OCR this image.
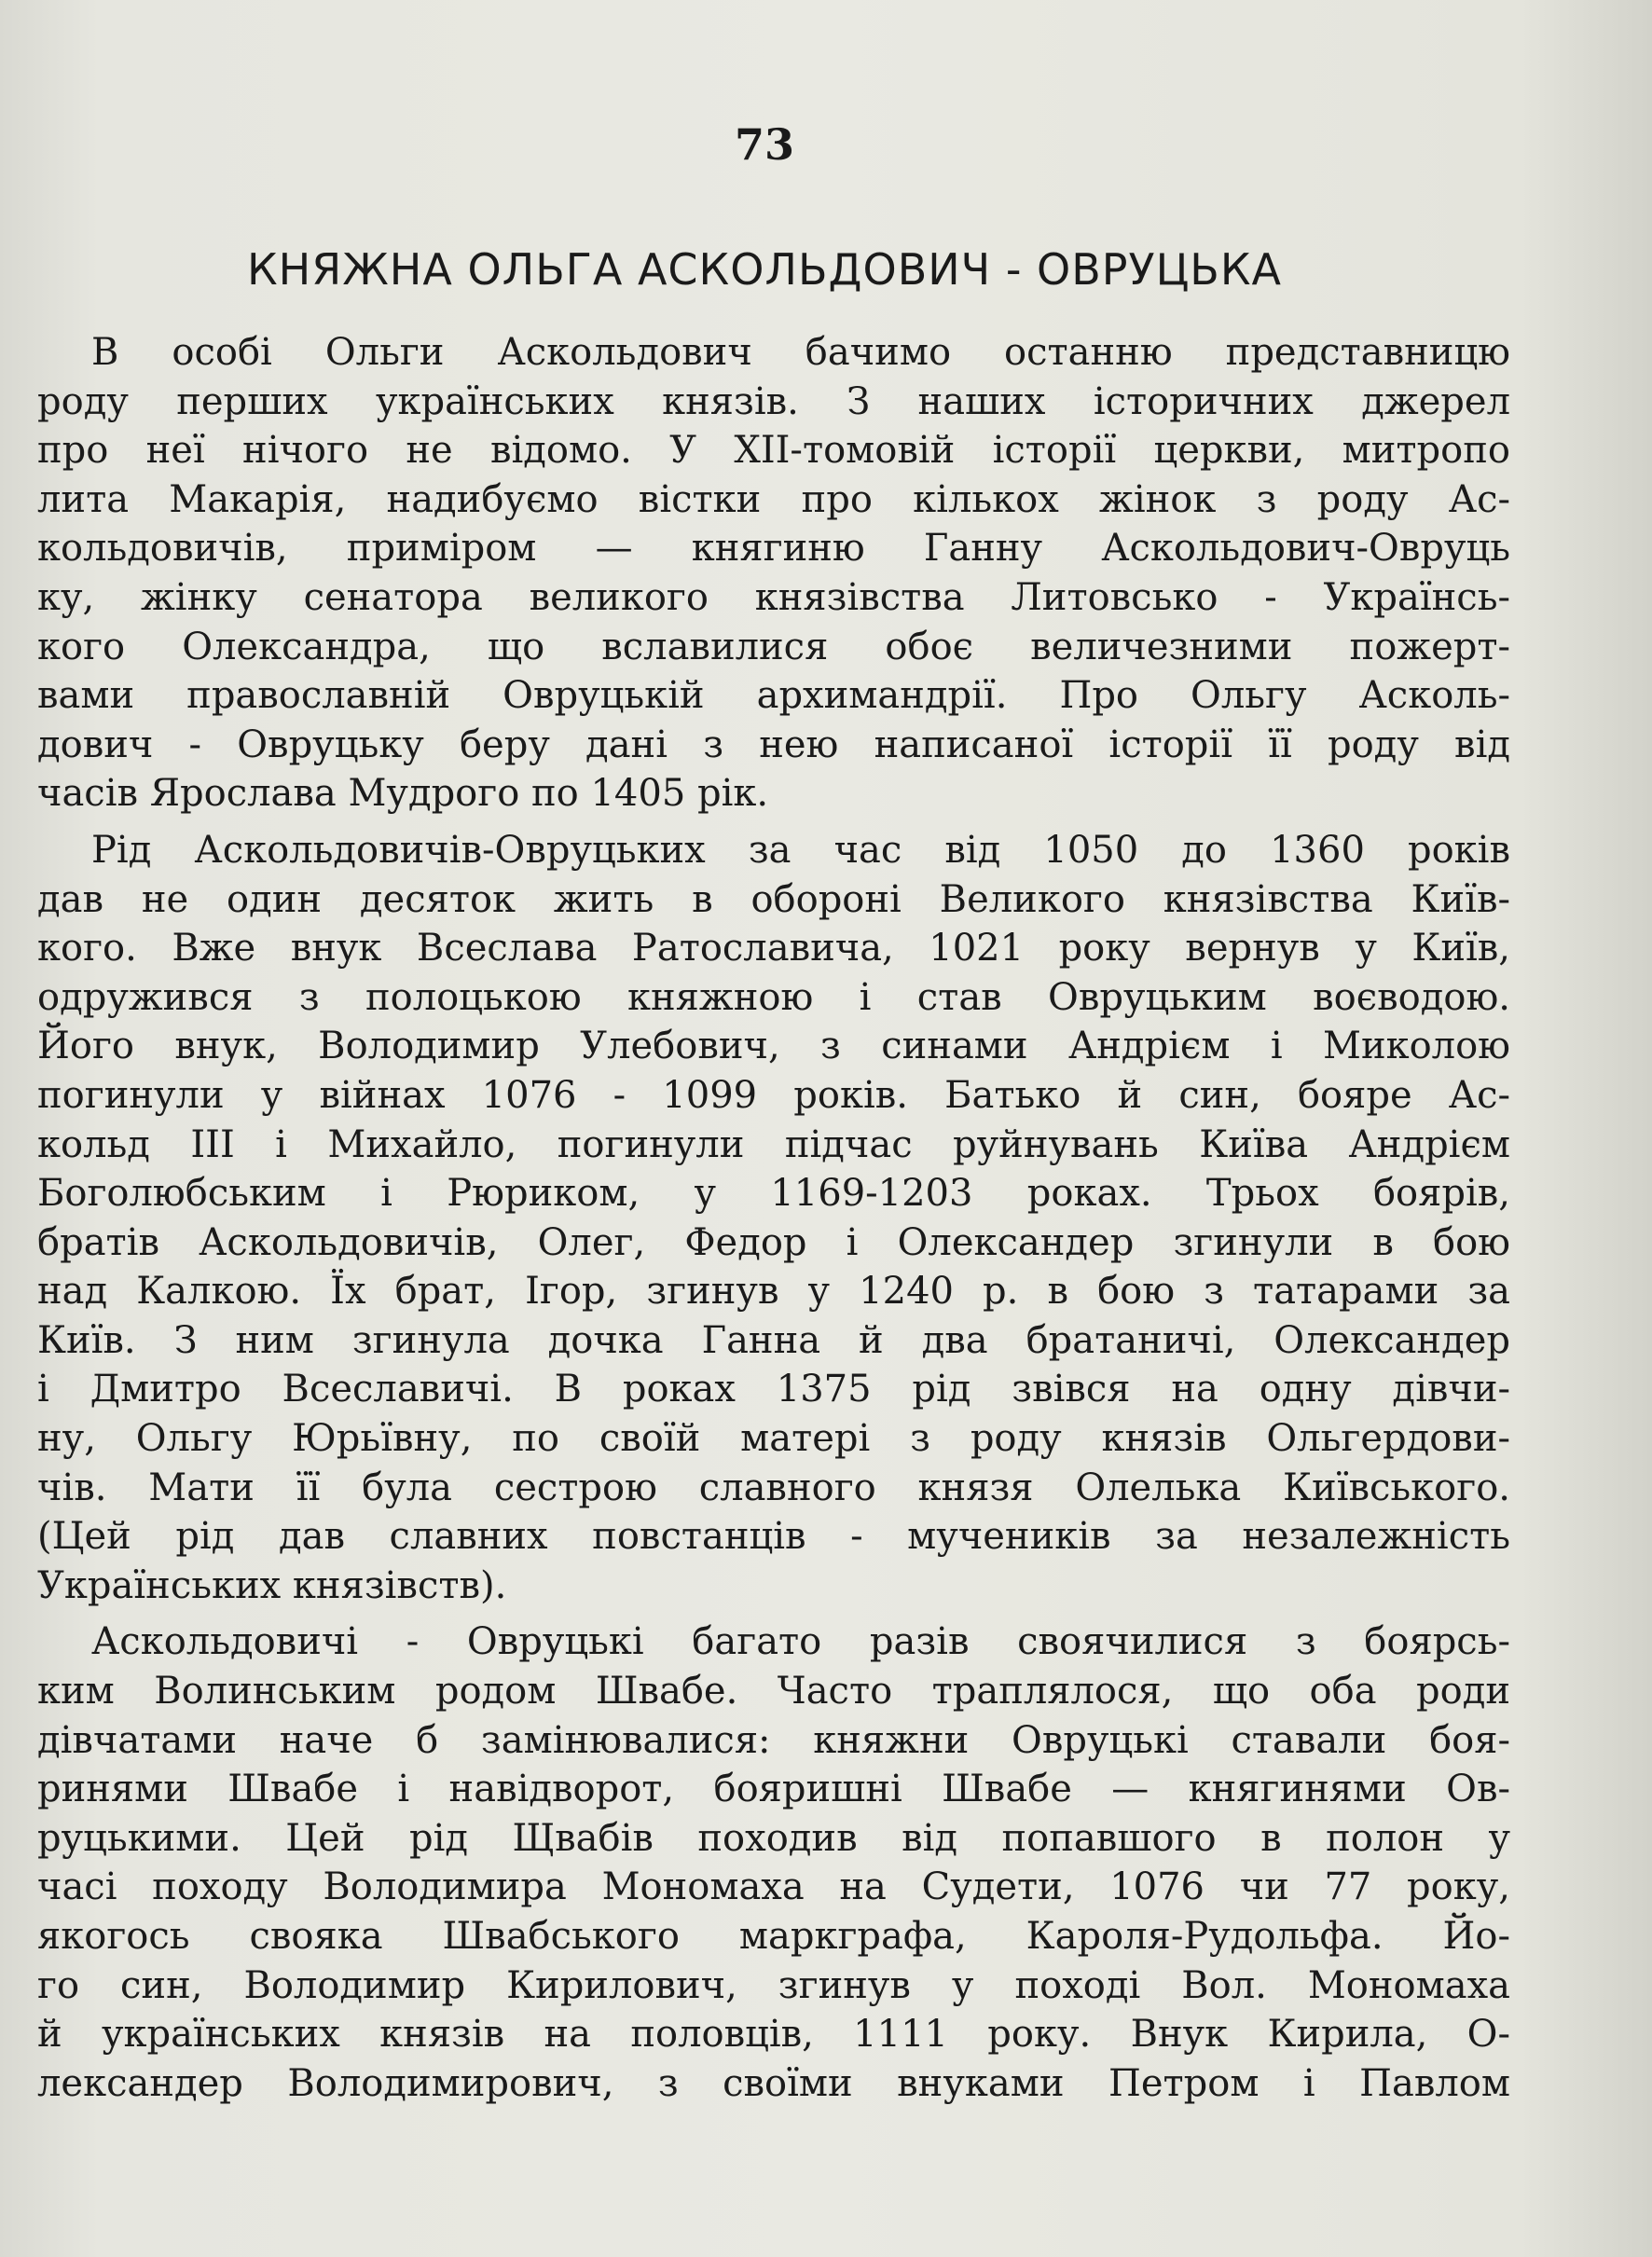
73
КНЯЖНА ОЛЬГА АСКОЛЬДОВИЧ - ОВРУЦЬКА
В особі Ольги Аскольдович бачимо останню представницю
роду перших українських князів. З наших історичних джерел
про неї нічого не відомо. У XII-томовій історії церкви, митропо
лита Макарія, надибуємо вістки про кількох жінок з роду Ас-
кольдовичів, приміром — княгиню Ганну Аскольдович-Овруць
ку, жінку сенатора великого князівства Литовсько - Українсь-
кого Олександра, що вславилися обоє величезними пожерт-
вами православній Овруцькій архимандрії. Про Ольгу Асколь-
дович - Овруцьку беру дані з нею написаної історії її роду від
часів Ярослава Мудрого по 1405 рік.
Рід Аскольдовичів-Овруцьких за час від 1050 до 1360 років
дав не один десяток жить в обороні Великого князівства Київ-
кого. Вже внук Всеслава Ратославича, 1021 року вернув у Київ,
одружився з полоцькою княжною і став Овруцьким воєводою.
Його внук, Володимир Улебович, з синами Андрієм і Миколою
погинули у війнах 1076 - 1099 років. Батько й син, бояре Ас-
кольд III і Михайло, погинули підчас руйнувань Київа Андрієм
Боголюбським і Рюриком, у 1169-1203 роках. Трьох боярів,
братів Аскольдовичів, Олег, Федор і Олександер згинули в бою
над Калкою. Їх брат, Ігор, згинув у 1240 р. в бою з татарами за
Київ. З ним згинула дочка Ганна й два братаничі, Олександер
і Дмитро Всеславичі. В роках 1375 рід звівся на одну дівчи-
ну, Ольгу Юрьївну, по своїй матері з роду князів Ольгердови-
чів. Мати її була сестрою славного князя Олелька Київського.
(Цей рід дав славних повстанців - мучеників за незалежність
Українських князівств).
Аскольдовичі - Овруцькі багато разів своячилися з боярсь-
ким Волинським родом Швабе. Часто траплялося, що оба роди
дівчатами наче б замінювалися: княжни Овруцькі ставали боя-
ринями Швабе і навідворот, бояришні Швабе — княгинями Ов-
руцькими. Цей рід Щвабів походив від попавшого в полон у
часі походу Володимира Мономаха на Судети, 1076 чи 77 року,
якогось свояка Швабського маркграфа, Кароля-Рудольфа. Йо-
го син, Володимир Кирилович, згинув у поході Вол. Мономаха
й українських князів на половців, 1111 року. Внук Кирила, О-
лександер Володимирович, з своїми внуками Петром і Павлом
